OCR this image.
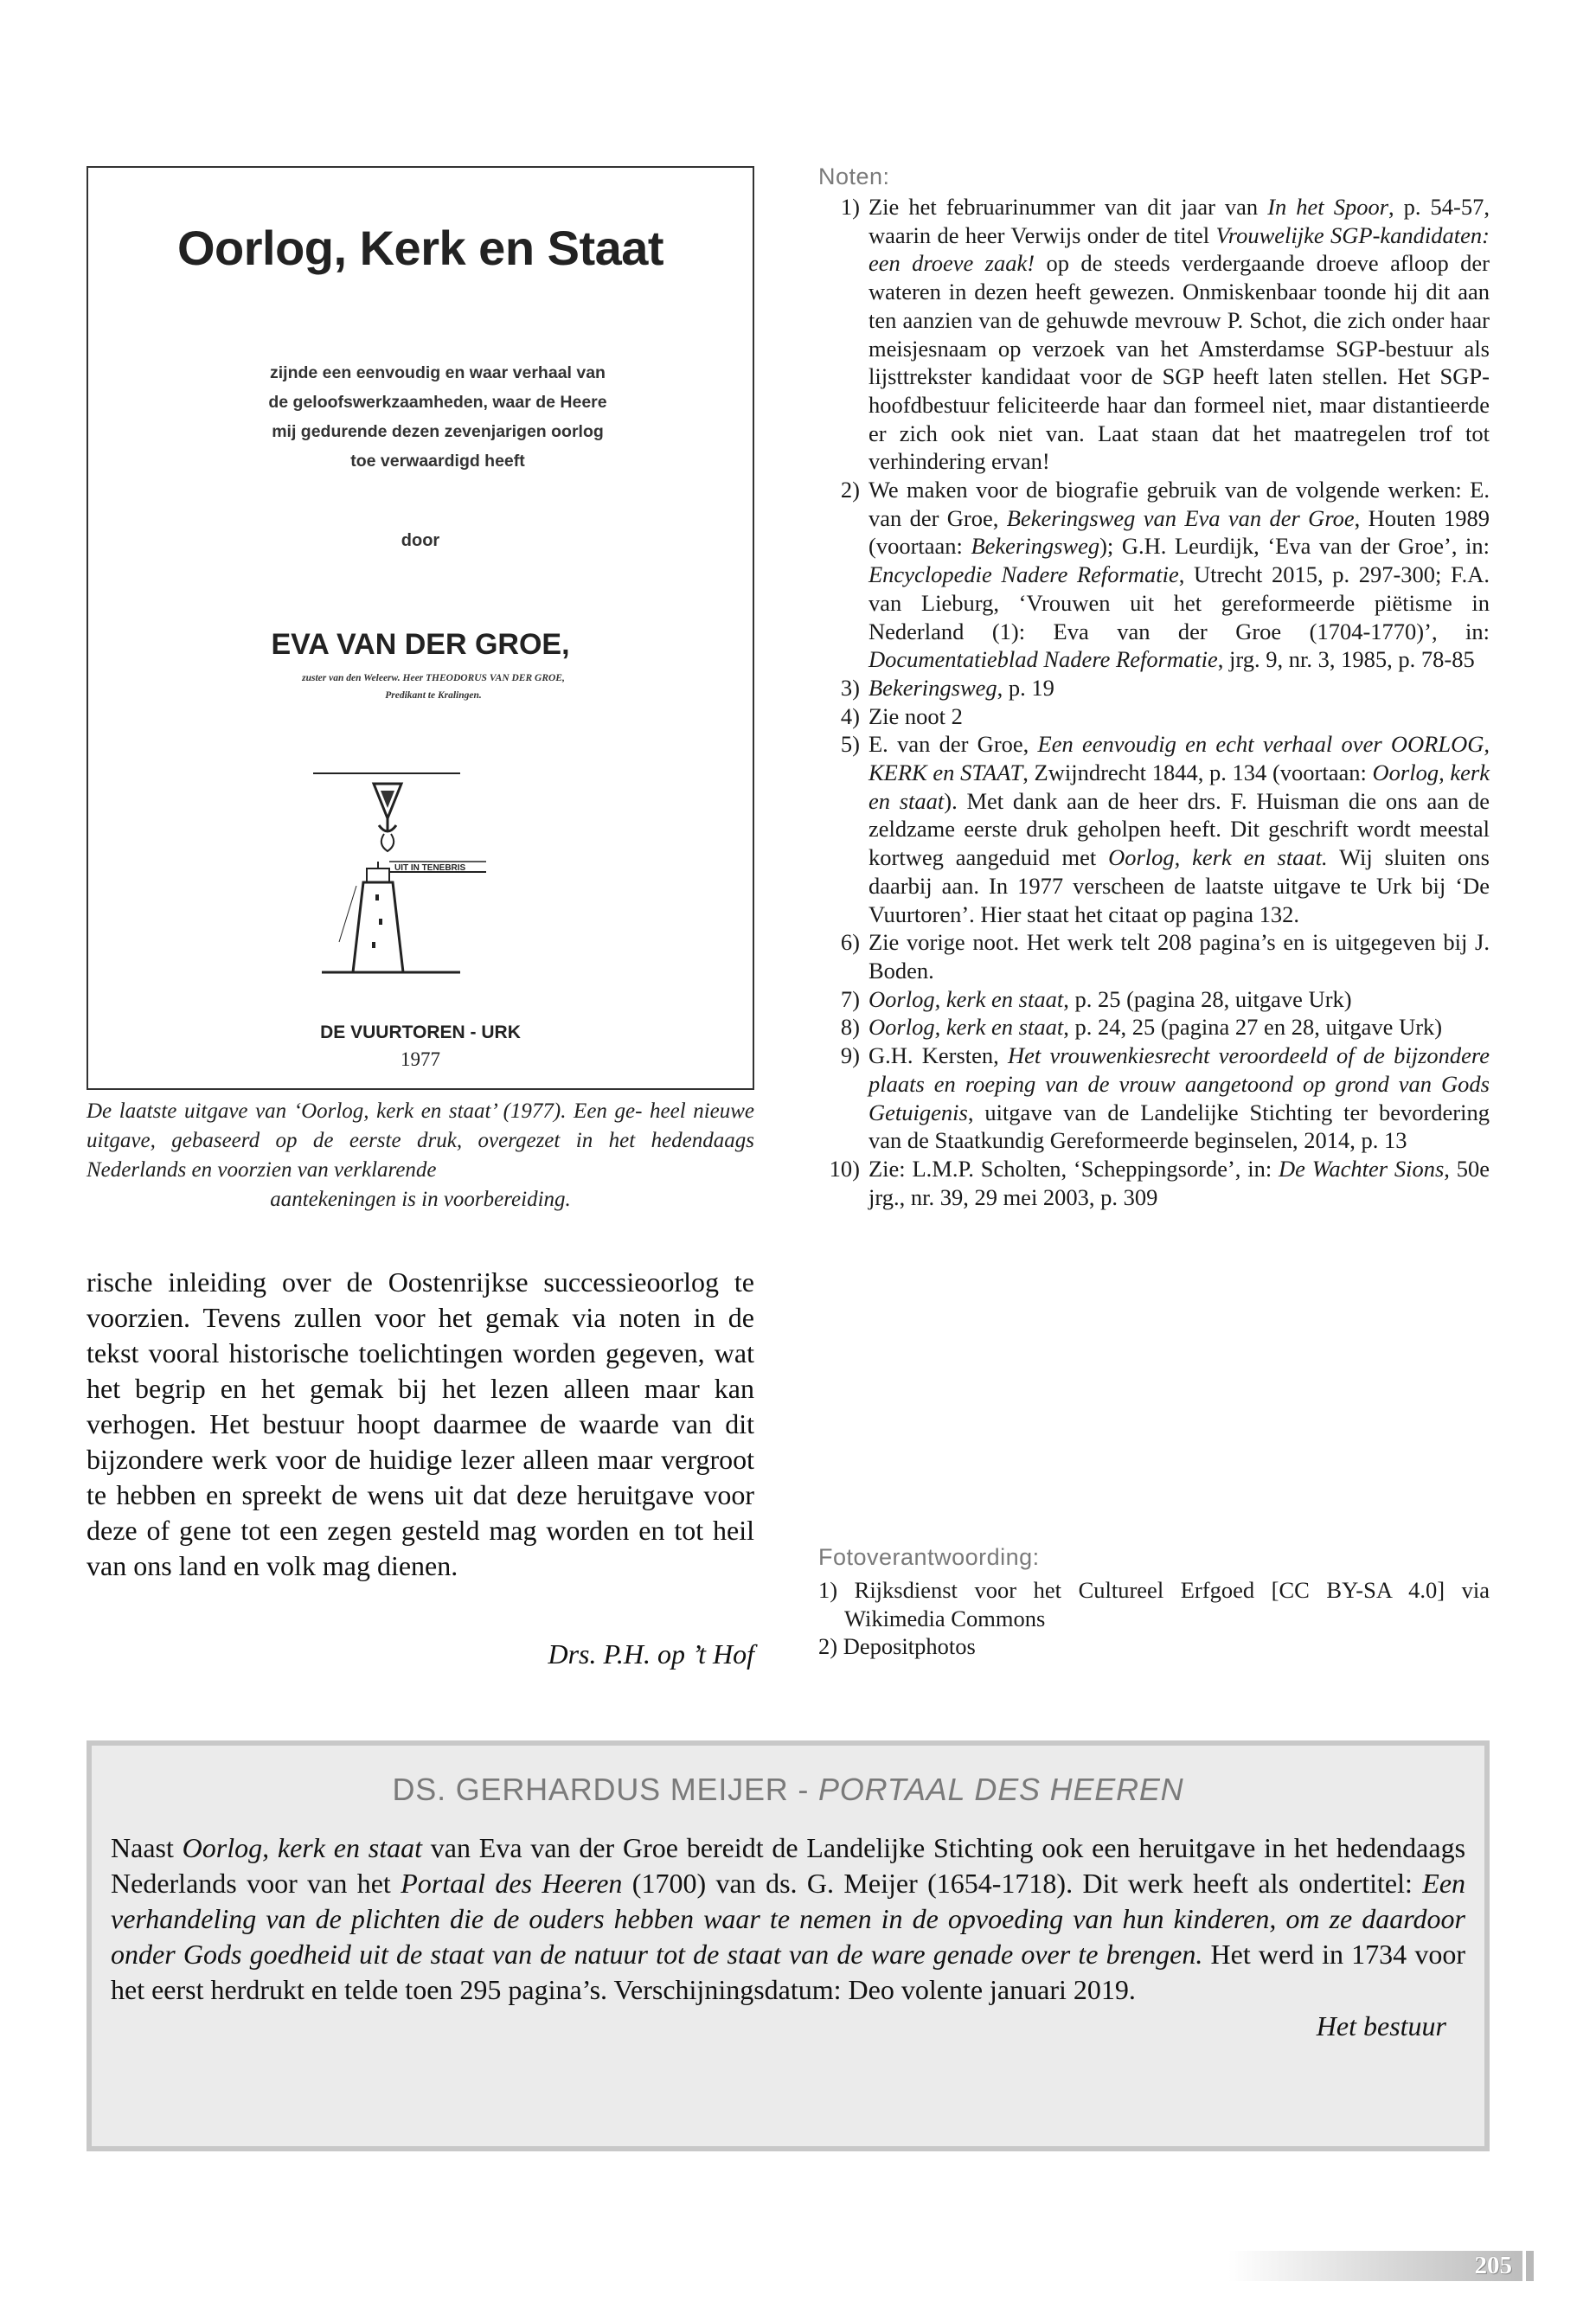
Oorlog, Kerk en Staat
zijnde een eenvoudig en waar verhaal van
de geloofswerkzaamheden, waar de Heere
mij gedurende dezen zevenjarigen oorlog
toe verwaardigd heeft
door
EVA VAN DER GROE,
zuster van den Weleerw. Heer THEODORUS VAN DER GROE,
Predikant te Kralingen.
UIT IN TENEBRIS
DE VUURTOREN - URK
1977
De laatste uitgave van ‘Oorlog, kerk en staat’ (1977). Een ge- heel nieuwe uitgave, gebaseerd op de eerste druk, overgezet in het hedendaags Nederlands en voorzien van verklarende
aantekeningen is in voorbereiding.
rische inleiding over de Oostenrijkse successieoorlog te voorzien. Tevens zullen voor het gemak via noten in de tekst vooral historische toelichtingen worden gegeven, wat het begrip en het gemak bij het lezen alleen maar kan verhogen. Het bestuur hoopt daarmee de waarde van dit bijzondere werk voor de huidige lezer alleen maar vergroot te hebben en spreekt de wens uit dat deze heruitgave voor deze of gene tot een zegen gesteld mag worden en tot heil van ons land en volk mag dienen.
Drs. P.H. op ’t Hof
Noten:
1) Zie het februarinummer van dit jaar van In het Spoor, p. 54-57, waarin de heer Verwijs onder de titel Vrouwelijke SGP-kandidaten: een droeve zaak! op de steeds verdergaande droeve afloop der wateren in dezen heeft gewezen. Onmiskenbaar toonde hij dit aan ten aanzien van de gehuwde mevrouw P. Schot, die zich onder haar meisjesnaam op verzoek van het Amsterdamse SGP-bestuur als lijsttrekster kandidaat voor de SGP heeft laten stellen. Het SGP-hoofdbestuur feliciteerde haar dan formeel niet, maar distantieerde er zich ook niet van. Laat staan dat het maatregelen trof tot verhindering ervan!
2) We maken voor de biografie gebruik van de volgende werken: E. van der Groe, Bekeringsweg van Eva van der Groe, Houten 1989 (voortaan: Bekeringsweg); G.H. Leurdijk, ‘Eva van der Groe’, in: Encyclopedie Nadere Reformatie, Utrecht 2015, p. 297-300; F.A. van Lieburg, ‘Vrouwen uit het gereformeerde piëtisme in Nederland (1): Eva van der Groe (1704-1770)’, in: Documentatieblad Nadere Reformatie, jrg. 9, nr. 3, 1985, p. 78-85
3) Bekeringsweg, p. 19
4) Zie noot 2
5) E. van der Groe, Een eenvoudig en echt verhaal over OORLOG, KERK en STAAT, Zwijndrecht 1844, p. 134 (voortaan: Oorlog, kerk en staat). Met dank aan de heer drs. F. Huisman die ons aan de zeldzame eerste druk geholpen heeft. Dit geschrift wordt meestal kortweg aangeduid met Oorlog, kerk en staat. Wij sluiten ons daarbij aan. In 1977 verscheen de laatste uitgave te Urk bij ‘De Vuurtoren’. Hier staat het citaat op pagina 132.
6) Zie vorige noot. Het werk telt 208 pagina’s en is uitgegeven bij J. Boden.
7) Oorlog, kerk en staat, p. 25 (pagina 28, uitgave Urk)
8) Oorlog, kerk en staat, p. 24, 25 (pagina 27 en 28, uitgave Urk)
9) G.H. Kersten, Het vrouwenkiesrecht veroordeeld of de bijzondere plaats en roeping van de vrouw aangetoond op grond van Gods Getuigenis, uitgave van de Landelijke Stichting ter bevordering van de Staatkundig Gereformeerde beginselen, 2014, p. 13
10) Zie: L.M.P. Scholten, ‘Scheppingsorde’, in: De Wachter Sions, 50e jrg., nr. 39, 29 mei 2003, p. 309
Fotoverantwoording:
1) Rijksdienst voor het Cultureel Erfgoed [CC BY-SA 4.0] via Wikimedia Commons
2) Depositphotos
DS. GERHARDUS MEIJER - PORTAAL DES HEEREN
Naast Oorlog, kerk en staat van Eva van der Groe bereidt de Landelijke Stichting ook een heruitgave in het hedendaags Nederlands voor van het Portaal des Heeren (1700) van ds. G. Meijer (1654-1718). Dit werk heeft als ondertitel: Een verhandeling van de plichten die de ouders hebben waar te nemen in de opvoeding van hun kinderen, om ze daardoor onder Gods goedheid uit de staat van de natuur tot de staat van de ware genade over te brengen. Het werd in 1734 voor het eerst herdrukt en telde toen 295 pagina’s. Verschijningsdatum: Deo volente januari 2019.
Het bestuur
205
